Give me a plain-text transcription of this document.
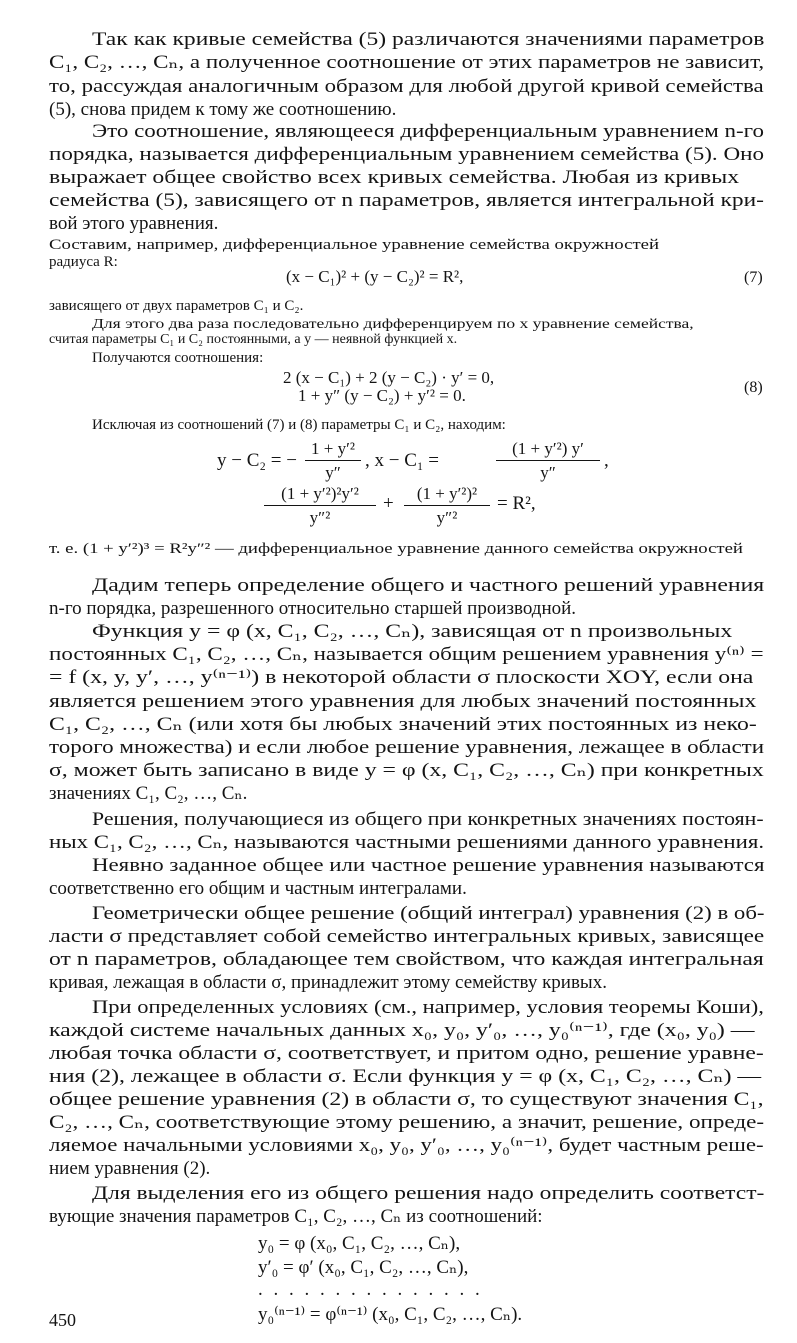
(x − C₁)² + (y − C₂)² = R²,	(7)
2 (x − C₁) + 2 (y − C₂) · y′ = 0,
1 + y″ (y − C₂) + y′² = 0.	(8)
y − C₂ = −
1 + y′²
y″
, x − C₁ =
(1 + y′²) y′
y″
,
(1 + y′²)²y′²
y″²
+	(1 + y′²)²
y″²
= R²,
y₀ = φ (x₀, C₁, C₂, …, Cₙ),
y′₀ = φ′ (x₀, C₁, C₂, …, Cₙ),
. . . . . . . . . . . . . . .
y₀⁽ⁿ⁻¹⁾ = φ⁽ⁿ⁻¹⁾ (x₀, C₁, C₂, …, Cₙ).
450
Так как кривые семейства (5) различаются значениями параметров
C₁, C₂, …, Cₙ, а полученное соотношение от этих параметров не зависит,
то, рассуждая аналогичным образом для любой другой кривой семейства
(5), снова придем к тому же соотношению.
Это соотношение, являющееся дифференциальным уравнением n-го
порядка, называется дифференциальным уравнением семейства (5). Оно
выражает общее свойство всех кривых семейства. Любая из кривых
семейства (5), зависящего от n параметров, является интегральной кри-
вой этого уравнения.
Составим, например, дифференциальное уравнение семейства окружностей
радиуса R:
зависящего от двух параметров C₁ и C₂.
Для этого два раза последовательно дифференцируем по x уравнение семейства,
считая параметры C₁ и C₂ постоянными, а y — неявной функцией x.
Получаются соотношения:
Исключая из соотношений (7) и (8) параметры C₁ и C₂, находим:
т. е. (1 + y′²)³ = R²y″² — дифференциальное уравнение данного семейства окружностей
Дадим теперь определение общего и частного решений уравнения
n-го порядка, разрешенного относительно старшей производной.
Функция y = φ (x, C₁, C₂, …, Cₙ), зависящая от n произвольных
постоянных C₁, C₂, …, Cₙ, называется общим решением уравнения y⁽ⁿ⁾ =
= f (x, y, y′, …, y⁽ⁿ⁻¹⁾) в некоторой области σ плоскости XOY, если она
является решением этого уравнения для любых значений постоянных
C₁, C₂, …, Cₙ (или хотя бы любых значений этих постоянных из неко-
торого множества) и если любое решение уравнения, лежащее в области
σ, может быть записано в виде y = φ (x, C₁, C₂, …, Cₙ) при конкретных
значениях C₁, C₂, …, Cₙ.
Решения, получающиеся из общего при конкретных значениях постоян-
ных C₁, C₂, …, Cₙ, называются частными решениями данного уравнения.
Неявно заданное общее или частное решение уравнения называются
соответственно его общим и частным интегралами.
Геометрически общее решение (общий интеграл) уравнения (2) в об-
ласти σ представляет собой семейство интегральных кривых, зависящее
от n параметров, обладающее тем свойством, что каждая интегральная
кривая, лежащая в области σ, принадлежит этому семейству кривых.
При определенных условиях (см., например, условия теоремы Коши),
каждой системе начальных данных x₀, y₀, y′₀, …, y₀⁽ⁿ⁻¹⁾, где (x₀, y₀) —
любая точка области σ, соответствует, и притом одно, решение уравне-
ния (2), лежащее в области σ. Если функция y = φ (x, C₁, C₂, …, Cₙ) —
общее решение уравнения (2) в области σ, то существуют значения C₁,
C₂, …, Cₙ, соответствующие этому решению, а значит, решение, опреде-
ляемое начальными условиями x₀, y₀, y′₀, …, y₀⁽ⁿ⁻¹⁾, будет частным реше-
нием уравнения (2).
Для выделения его из общего решения надо определить соответст-
вующие значения параметров C₁, C₂, …, Cₙ из соотношений:
